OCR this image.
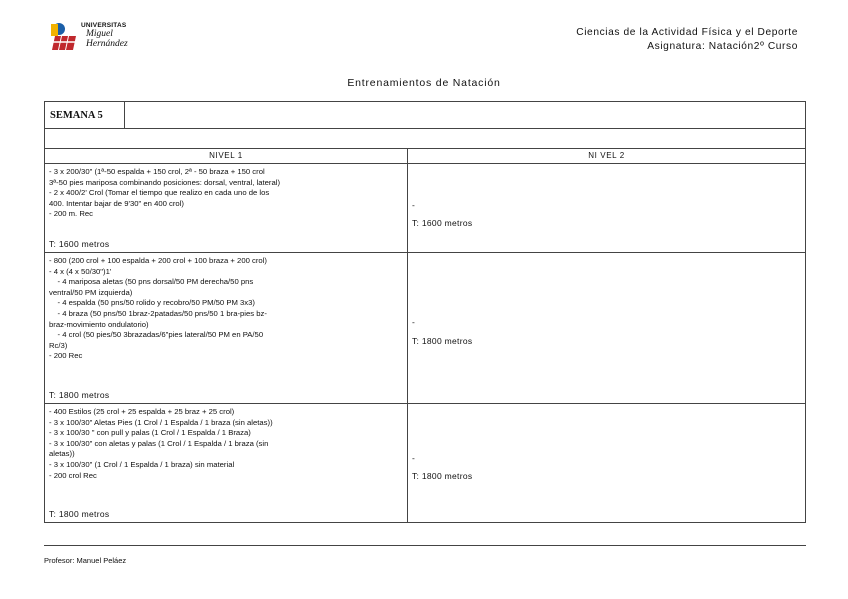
UNIVERSITAS
Miguel
Hernández
Ciencias de la Actividad Física y el Deporte
Asignatura: Natación2º Curso
Entrenamientos de Natación
SEMANA 5
NIVEL 1	NI VEL 2
- 3 x 200/30" (1ª-50 espalda + 150 crol, 2ª - 50 braza + 150 crol
3ª-50 pies mariposa combinando posiciones: dorsal, ventral, lateral)
- 2 x 400/2' Crol (Tomar el tiempo que realizo en cada uno de los
400. Intentar bajar de 9'30" en 400 crol)
- 200 m. Rec
T: 1600 metros
-
T: 1600 metros
- 800 (200 crol + 100 espalda + 200 crol + 100 braza + 200 crol)
- 4 x (4 x 50/30")1'
- 4 mariposa aletas (50 pns dorsal/50 PM derecha/50 pns
ventral/50 PM izquierda)
- 4 espalda (50 pns/50 rolido y recobro/50 PM/50 PM 3x3)
- 4 braza (50 pns/50 1braz-2patadas/50 pns/50 1 bra-pies bz-
braz-movimiento ondulatorio)
- 4 crol (50 pies/50 3brazadas/6"pies lateral/50 PM en PA/50
Rc/3)
- 200 Rec
T: 1800 metros
-
T: 1800 metros
- 400 Estilos (25 crol + 25 espalda + 25 braz + 25 crol)
- 3 x 100/30" Aletas Pies (1 Crol / 1 Espalda / 1 braza (sin aletas))
- 3 x 100/30 " con pull y palas (1 Crol / 1 Espalda / 1 Braza)
- 3 x 100/30" con aletas y palas (1 Crol / 1 Espalda / 1 braza (sin
aletas))
- 3 x 100/30" (1 Crol / 1 Espalda / 1 braza) sin material
- 200 crol Rec
T: 1800 metros
-
T: 1800 metros
Profesor: Manuel Peláez
